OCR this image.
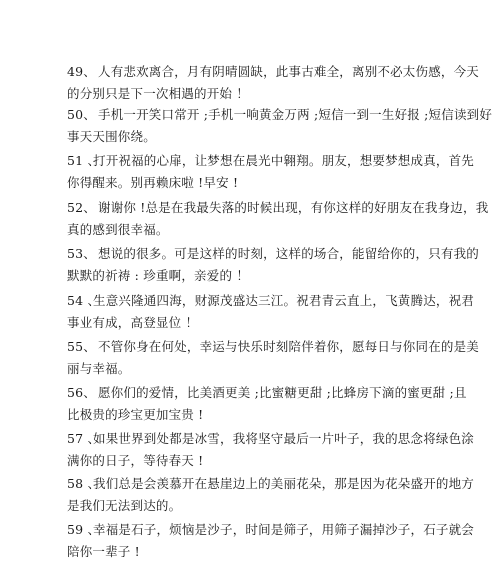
49、 人有悲欢离合，月有阴晴圆缺，此事古难全，离别不必太伤感，今天
的分别只是下一次相遇的开始 ！
50、 手机一开笑口常开 ;手机一响黄金万两 ;短信一到一生好报 ;短信读到好
事天天围你绕。
51 、打开祝福的心扉，让梦想在晨光中翱翔。朋友，想要梦想成真，首先
你得醒来。别再赖床啦 !早安 !
52、 谢谢你 !总是在我最失落的时候出现，有你这样的好朋友在我身边，我
真的感到很幸福。
53、 想说的很多。可是这样的时刻，这样的场合，能留给你的，只有我的
默默的祈祷 : 珍重啊，亲爱的 ！
54 、生意兴隆通四海，财源茂盛达三江。祝君青云直上，飞黄腾达，祝君
事业有成，高登显位 ！
55、 不管你身在何处，幸运与快乐时刻陪伴着你，愿每日与你同在的是美
丽与幸福。
56、 愿你们的爱情，比美酒更美 ;比蜜糖更甜 ;比蜂房下滴的蜜更甜 ;且
比极贵的珍宝更加宝贵 !
57 、如果世界到处都是冰雪，我将坚守最后一片叶子，我的思念将绿色涂
满你的日子，等待春天 !
58 、我们总是会羡慕开在悬崖边上的美丽花朵，那是因为花朵盛开的地方
是我们无法到达的。
59 、幸福是石子，烦恼是沙子，时间是筛子，用筛子漏掉沙子，石子就会
陪你一辈子 !
